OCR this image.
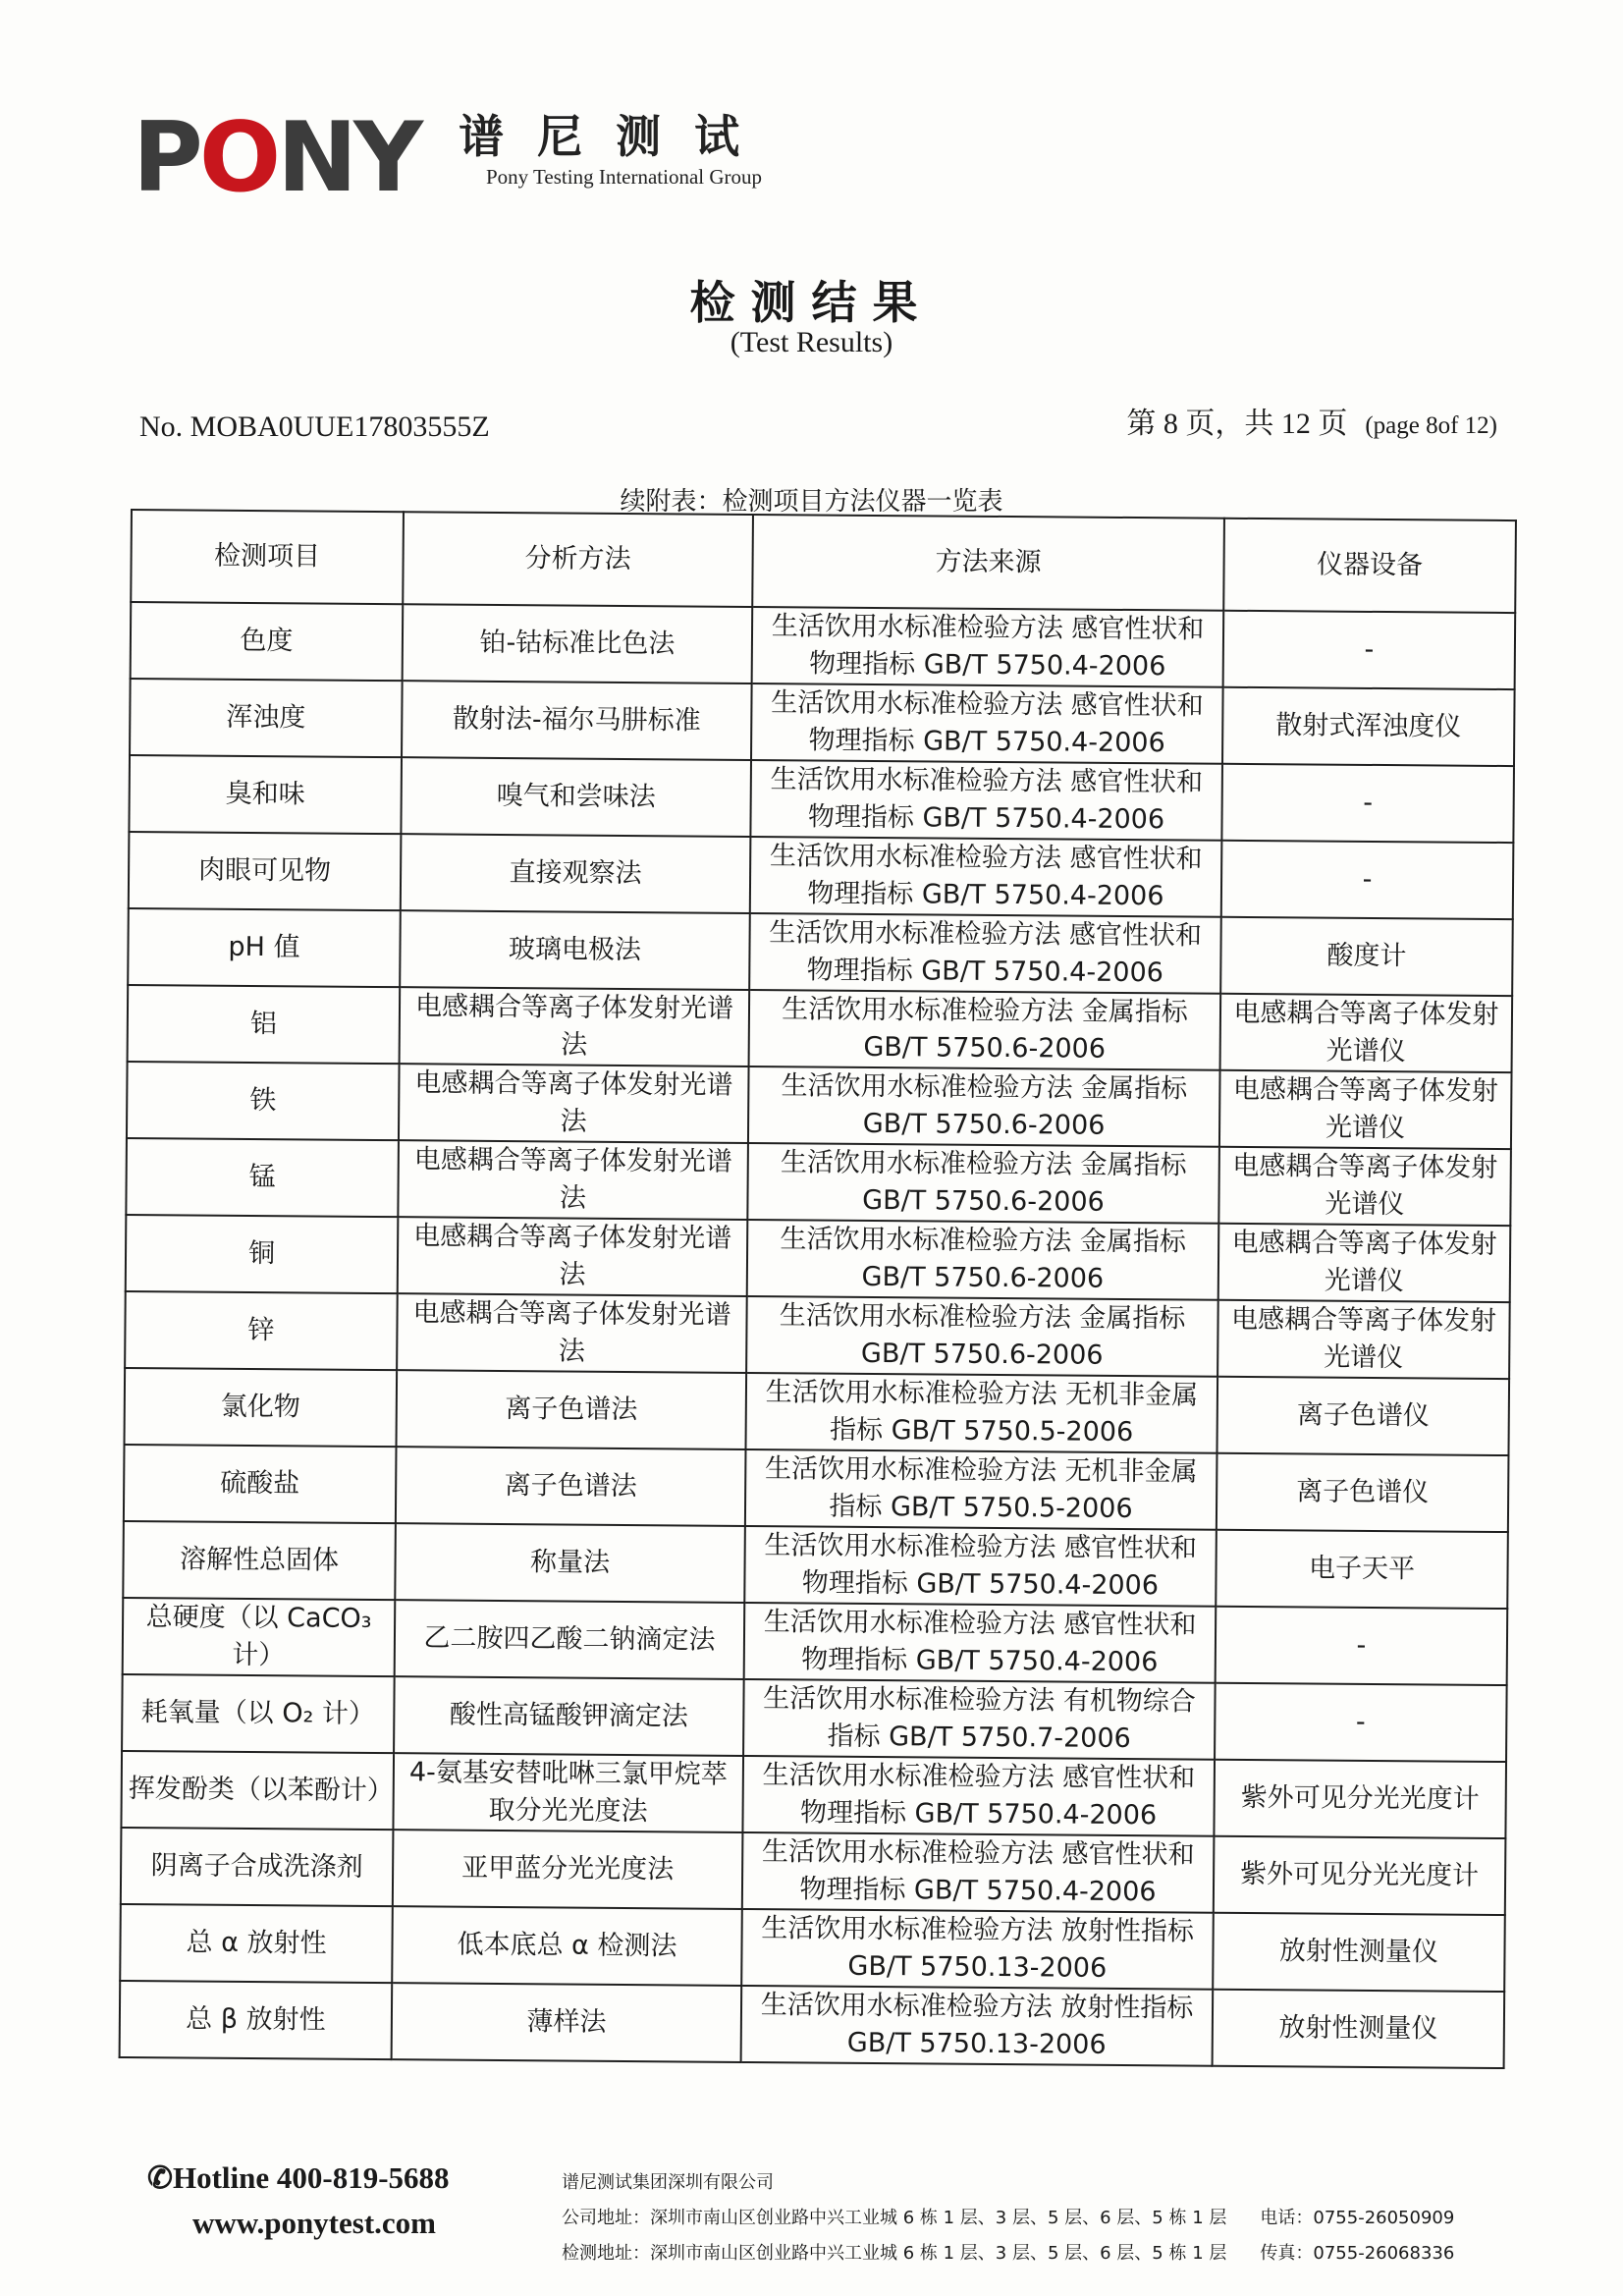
PONY 谱尼测试
Pony Testing International Group
检测结果
(Test Results)
No. MOBA0UUE17803555Z	第 8 页，共 12 页 (page 8of 12)
续附表：检测项目方法仪器一览表
检测项目	分析方法	方法来源	仪器设备
色度	铂-钴标准比色法	生活饮用水标准检验方法 感官性状和物理指标 GB/T 5750.4-2006	-
浑浊度	散射法-福尔马肼标准	生活饮用水标准检验方法 感官性状和物理指标 GB/T 5750.4-2006	散射式浑浊度仪
臭和味	嗅气和尝味法	生活饮用水标准检验方法 感官性状和物理指标 GB/T 5750.4-2006	-
肉眼可见物	直接观察法	生活饮用水标准检验方法 感官性状和物理指标 GB/T 5750.4-2006	-
pH 值	玻璃电极法	生活饮用水标准检验方法 感官性状和物理指标 GB/T 5750.4-2006	酸度计
铝	电感耦合等离子体发射光谱法	生活饮用水标准检验方法 金属指标 GB/T 5750.6-2006	电感耦合等离子体发射光谱仪
铁	电感耦合等离子体发射光谱法	生活饮用水标准检验方法 金属指标 GB/T 5750.6-2006	电感耦合等离子体发射光谱仪
锰	电感耦合等离子体发射光谱法	生活饮用水标准检验方法 金属指标 GB/T 5750.6-2006	电感耦合等离子体发射光谱仪
铜	电感耦合等离子体发射光谱法	生活饮用水标准检验方法 金属指标 GB/T 5750.6-2006	电感耦合等离子体发射光谱仪
锌	电感耦合等离子体发射光谱法	生活饮用水标准检验方法 金属指标 GB/T 5750.6-2006	电感耦合等离子体发射光谱仪
氯化物	离子色谱法	生活饮用水标准检验方法 无机非金属指标 GB/T 5750.5-2006	离子色谱仪
硫酸盐	离子色谱法	生活饮用水标准检验方法 无机非金属指标 GB/T 5750.5-2006	离子色谱仪
溶解性总固体	称量法	生活饮用水标准检验方法 感官性状和物理指标 GB/T 5750.4-2006	电子天平
总硬度（以 CaCO₃ 计）	乙二胺四乙酸二钠滴定法	生活饮用水标准检验方法 感官性状和物理指标 GB/T 5750.4-2006	-
耗氧量（以 O₂ 计）	酸性高锰酸钾滴定法	生活饮用水标准检验方法 有机物综合指标 GB/T 5750.7-2006	-
挥发酚类（以苯酚计）	4-氨基安替吡啉三氯甲烷萃取分光光度法	生活饮用水标准检验方法 感官性状和物理指标 GB/T 5750.4-2006	紫外可见分光光度计
阴离子合成洗涤剂	亚甲蓝分光光度法	生活饮用水标准检验方法 感官性状和物理指标 GB/T 5750.4-2006	紫外可见分光光度计
总 α 放射性	低本底总 α 检测法	生活饮用水标准检验方法 放射性指标 GB/T 5750.13-2006	放射性测量仪
总 β 放射性	薄样法	生活饮用水标准检验方法 放射性指标 GB/T 5750.13-2006	放射性测量仪
✆Hotline 400-819-5688
www.ponytest.com
谱尼测试集团深圳有限公司
公司地址：深圳市南山区创业路中兴工业城 6 栋 1 层、3 层、5 层、6 层、5 栋 1 层 电话：0755-26050909
检测地址：深圳市南山区创业路中兴工业城 6 栋 1 层、3 层、5 层、6 层、5 栋 1 层 传真：0755-26068336
